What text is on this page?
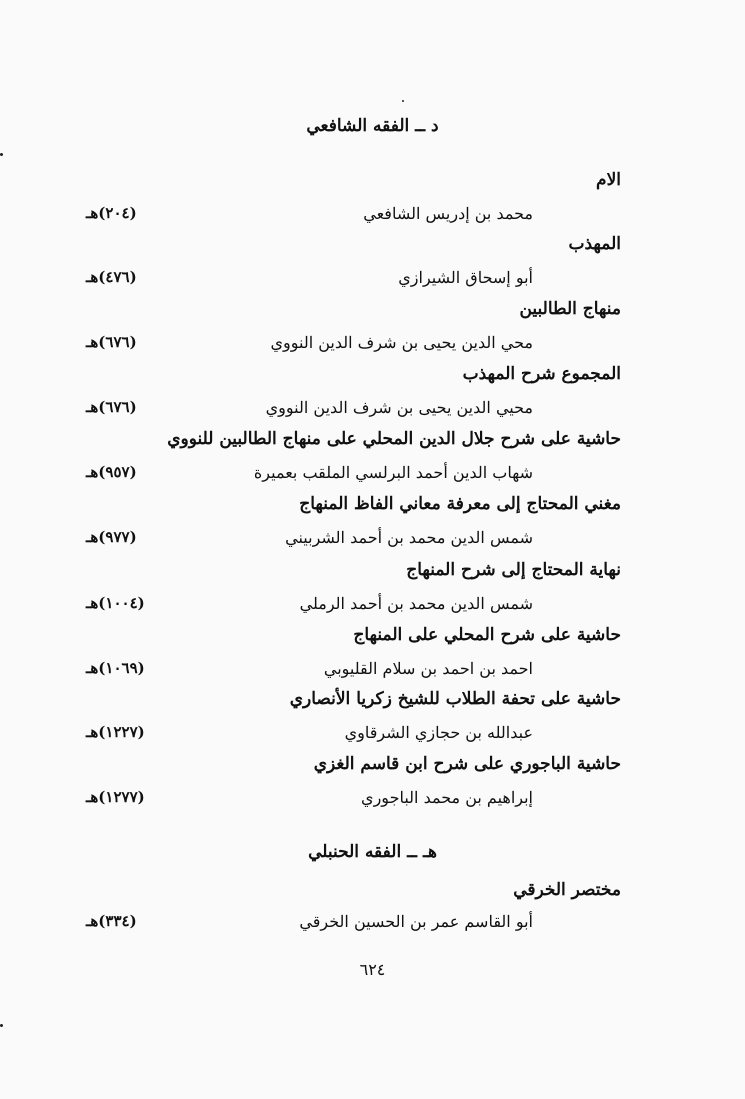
د ــ الفقه الشافعي
الام
محمد بن إدريس الشافعي
(٢٠٤)هـ
المهذب
أبو إسحاق الشيرازي
(٤٧٦)هـ
منهاج الطالبين
محي الدين يحيى بن شرف الدين النووي
(٦٧٦)هـ
المجموع شرح المهذب
محيي الدين يحيى بن شرف الدين النووي
(٦٧٦)هـ
حاشية على شرح جلال الدين المحلي على منهاج الطالبين للنووي
شهاب الدين أحمد البرلسي الملقب بعميرة
(٩٥٧)هـ
مغني المحتاج إلى معرفة معاني الفاظ المنهاج
شمس الدين محمد بن أحمد الشربيني
(٩٧٧)هـ
نهاية المحتاج إلى شرح المنهاج
شمس الدين محمد بن أحمد الرملي
(١٠٠٤)هـ
حاشية على شرح المحلي على المنهاج
احمد بن احمد بن سلام القليوبي
(١٠٦٩)هـ
حاشية على تحفة الطلاب للشيخ زكريا الأنصاري
عبدالله بن حجازي الشرقاوي
(١٢٢٧)هـ
حاشية الباجوري على شرح ابن قاسم الغزي
إبراهيم بن محمد الباجوري
(١٢٧٧)هـ
هـ ــ الفقه الحنبلي
مختصر الخرقي
أبو القاسم عمر بن الحسين الخرقي
(٣٣٤)هـ
٦٢٤
